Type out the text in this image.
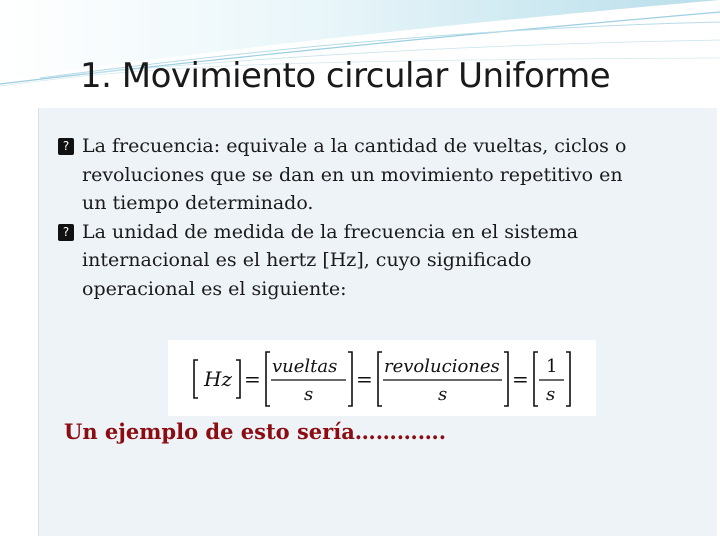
1. Movimiento circular Uniforme
? La frecuencia: equivale a la cantidad de vueltas, ciclos o
revoluciones que se dan en un movimiento repetitivo en
un tiempo determinado.
? La unidad de medida de la frecuencia en el sistema
internacional es el hertz [Hz], cuyo significado
operacional es el siguiente:
Hz =
vueltas
s
=
revoluciones
s
=
1
s
Un ejemplo de esto sería………….
